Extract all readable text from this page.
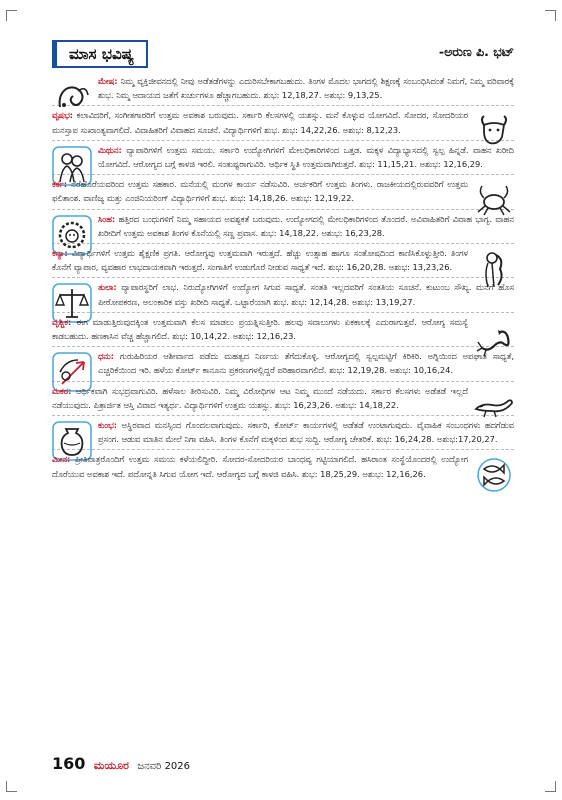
ಮಾಸ ಭವಿಷ್ಯ	-ಅರುಣ ಪಿ. ಭಟ್

ಮೇಷ: ನಿಮ್ಮ ವ್ಯಕ್ತಿಜೀವನದಲ್ಲಿ ನೀವು ಅಡೆತಡೆಗಳನ್ನು ಎದುರಿಸಬೇಕಾಗಬಹುದು. ತಿಂಗಳ ಮೊದಲ ಭಾಗದಲ್ಲಿ ಶಿಕ್ಷಣಕ್ಕೆ ಸಂಬಂಧಿಸಿದಂತೆ ನಿಮಗೆ, ನಿಮ್ಮ ವರಿವಾರಕ್ಕೆ ಶುಭ. ನಿಮ್ಮ ಆದಾಯದ ಜತೆಗೆ ಖರ್ಚುಗಳೂ ಹೆಚ್ಚಾಗಬಹುದು. ಶುಭ: 12,18,27. ಅಶುಭ: 9,13,25.

ವೃಷಭ: ಕಲಾವಿದರಿಗೆ, ಸಂಗೀತಗಾರರಿಗೆ ಉತ್ತಮ ಅವಕಾಶ ಬರುವುದು. ಸರ್ಕಾರಿ ಕೆಲಸಗಳಲ್ಲಿ ಯಶಸ್ಸು. ಮನೆ ಕೊಳ್ಳುವ ಯೋಗವಿದೆ. ಸೋದರ, ಸೋದರಿಯರ ಮನಸ್ತಾಪ ಸುಖಾಂತ್ಯವಾಗಲಿದೆ. ವಿವಾಹಿತರಿಗೆ ವಿವಾಹದ ಸೂಚನೆ. ವಿದ್ಯಾರ್ಥಿಗಳಿಗೆ ಶುಭ. ಶುಭ: 14,22,26. ಅಶುಭ: 8,12,23.

ಮಿಥುನ: ವ್ಯಾಪಾರಿಗಳಿಗೆ ಉತ್ತಮ ಸಮಯ. ಸರ್ಕಾರಿ ಉದ್ಯೋಗಿಗಳಿಗೆ ಮೇಲಧಿಕಾರಿಗಳಿಂದ ಒತ್ತಡ. ಮಕ್ಕಳ ವಿದ್ಯಾಭ್ಯಾಸದಲ್ಲಿ ಸ್ವಲ್ಪ ಹಿನ್ನಡೆ. ವಾಹನ ಖರೀದಿ ಯೋಗವಿದೆ. ಆರೋಗ್ಯದ ಬಗ್ಗೆ ಕಾಳಜಿ ಇರಲಿ. ಸಂತುಷ್ಟರಾಗುವಿರಿ. ಆರ್ಥಿಕ ಸ್ಥಿತಿ ಉತ್ತಮವಾಗಿರುತ್ತದೆ. ಶುಭ: 11,15,21. ಅಶುಭ: 12,16,29.

ಕರ್ಕ: ನೆರೆಹೊರೆಯವರಿಂದ ಉತ್ತಮ ಸಹಕಾರ. ಮನೆಯಲ್ಲಿ ಮಂಗಳ ಕಾರ್ಯ ನಡೆಸುವಿರಿ. ಅರ್ಚಕರಿಗೆ ಉತ್ತಮ ತಿಂಗಳು. ರಾಜಕೀಯದಲ್ಲಿರುವವರಿಗೆ ಉತ್ತಮ ಫಲಿತಾಂಶ. ವಾಣಿಜ್ಯ ಮತ್ತು ಎಂಜಿನಿಯರಿಂಗ್ ವಿದ್ಯಾರ್ಥಿಗಳಿಗೆ ಶುಭ. ಶುಭ: 14,18,26. ಅಶುಭ: 12,19,22.

ಸಿಂಹ: ಹತ್ತಿರದ ಬಂಧುಗಳಿಗೆ ನಿಮ್ಮ ಸಹಾಯದ ಅವಶ್ಯಕತೆ ಬರುವುದು. ಉದ್ಯೋಗದಲ್ಲಿ ಮೇಲಧಿಕಾರಿಗಳಿಂದ ತೊಂದರೆ. ಅವಿವಾಹಿತರಿಗೆ ವಿವಾಹ ಭಾಗ್ಯ. ವಾಹನ ಖರೀದಿಗೆ ಉತ್ತಮ ಅವಕಾಶ ತಿಂಗಳ ಕೊನೆಯಲ್ಲಿ ಸಣ್ಣ ಪ್ರವಾಸ. ಶುಭ: 14,18,22. ಅಶುಭ: 16,23,28.

ಕನ್ಯಾ: ವಿದ್ಯಾರ್ಥಿಗಳಿಗೆ ಉತ್ತಮ ಶೈಕ್ಷಣಿಕ ಪ್ರಗತಿ. ಆರೋಗ್ಯವು ಉತ್ತಮವಾಗಿ ಇರುತ್ತದೆ. ಹೆಚ್ಚು ಉತ್ಸಾಹ ಹಾಗೂ ಸಂತೋಷದಿಂದ ಕಾಣಿಸಿಕೊಳ್ಳುತ್ತೀರಿ. ತಿಂಗಳ ಕೊನೆಗೆ ವ್ಯಾಪಾರ, ವ್ಯವಹಾರ ಲಾಭದಾಯಕವಾಗಿ ಇರುತ್ತದೆ. ಸಂಗಾತಿಗೆ ಉಡುಗೊರೆ ನೀಡುವ ಸಾಧ್ಯತೆ ಇದೆ. ಶುಭ: 16,20,28. ಅಶುಭ: 13,23,26.

ತುಲಾ: ವ್ಯಾಪಾರಸ್ಥರಿಗೆ ಲಾಭ. ನಿರುದ್ಯೋಗಿಗಳಿಗೆ ಉದ್ಯೋಗ ಸಿಗುವ ಸಾಧ್ಯತೆ. ಸಂತತಿ ಇಲ್ಲದವರಿಗೆ ಸಂತತಿಯ ಸೂಚನೆ. ಕುಟುಂಬ ಸೌಖ್ಯ. ಮನೆಗೆ ಹೊಸ ಪೀಠೋಪಕರಣ, ಅಲಂಕಾರಿಕ ವಸ್ತು ಖರೀದಿ ಸಾಧ್ಯತೆ. ಒಟ್ಟಾರೆಯಾಗಿ ಶುಭ. ಶುಭ: 12,14,28. ಅಶುಭ: 13,19,27.

ವೃಶ್ಚಿಕ: ಈಗ ಮಾಡುತ್ತಿರುವುದಕ್ಕಿಂತ ಉತ್ತಮವಾಗಿ ಕೆಲಸ ಮಾಡಲು ಪ್ರಯತ್ನಿಸುತ್ತೀರಿ. ಹಲವು ಸವಾಲುಗಳು ಏಕಕಾಲಕ್ಕೆ ಎದುರಾಗುತ್ತವೆ. ಆರೋಗ್ಯ ಸಮಸ್ಯೆ ಕಾಡಬಹುದು. ಹಣಕಾಸಿನ ವೆಚ್ಚ ಹೆಚ್ಚಾಗಲಿದೆ. ಶುಭ: 10,14,22. ಅಶುಭ: 12,16,23.

ಧನು: ಗುರುಹಿರಿಯರ ಆಶೀರ್ವಾದ ಪಡೆದು ಮಹತ್ವದ ನಿರ್ಣಯ ತೆಗೆದುಕೊಳ್ಳಿ. ಆರೋಗ್ಯದಲ್ಲಿ ಸ್ವಲ್ಪಮಟ್ಟಿಗೆ ಕಿರಿಕಿರಿ. ಅಗ್ನಿಯಿಂದ ಅಪಘಾತ ಸಾಧ್ಯತೆ, ಎಚ್ಚರಿಕೆಯಿಂದ ಇರಿ. ಹಳೆಯ ಕೋರ್ಟ್ ಕಾನೂನು ಪ್ರಕರಣಗಳಲ್ಲಿದ್ದರೆ ಪರಿಹಾರವಾಗಲಿದೆ. ಶುಭ: 12,19,28. ಅಶುಭ: 10,16,24.

ಮಕರ: ಆರ್ಥಿಕವಾಗಿ ಸುಭದ್ರವಾಗುವಿರಿ. ಹಳೆಸಾಲ ತೀರಿಸುವಿರಿ. ನಿಮ್ಮ ವಿರೋಧಿಗಳ ಆಟ ನಿಮ್ಮ ಮುಂದೆ ನಡೆಯದು. ಸರ್ಕಾರ ಕೆಲಸಗಳು ಅಡೆತಡೆ ಇಲ್ಲದೆ ನಡೆಯುವುದು. ಪಿತ್ರಾರ್ಜಿತ ಆಸ್ತಿ ವಿವಾದ ಇತ್ಯರ್ಥ. ವಿದ್ಯಾರ್ಥಿಗಳಿಗೆ ಉತ್ತಮ ಯಶಸ್ಸು. ಶುಭ: 16,23,26. ಅಶುಭ: 14,18,22.

ಕುಂಭ: ಅಸ್ಥಿರವಾದ ಮನಸ್ಸಿಂದ ಗೊಂದಲವಾಗುವುದು. ಸರ್ಕಾರಿ, ಕೋರ್ಟ್ ಕಾರ್ಯಗಳಲ್ಲಿ ಅಡೆತಡೆ ಉಂಟಾಗುವುದು. ವೈವಾಹಿಕ ಸಂಬಂಧಗಳು ಹದಗೆಡುವ ಪ್ರಸಂಗ. ಆಡುವ ಮಾತಿನ ಮೇಲೆ ನಿಗಾ ವಹಿಸಿ. ತಿಂಗಳ ಕೊನೆಗೆ ಮಕ್ಕಳಿಂದ ಶುಭ ಸುದ್ದಿ. ಆರೋಗ್ಯ ಚೇತರಿಕೆ. ಶುಭ: 16,24,28. ಅಶುಭ:17,20,27.

ಮೀನ: ಪ್ರೀತಿಪಾತ್ರರೊಂದಿಗೆ ಉತ್ತಮ ಸಮಯ ಕಳೆಯಲಿದ್ದೀರಿ. ಸೋದರ-ಸೋದರಿಯರ ಬಾಂಧವ್ಯ ಗಟ್ಟಿಯಾಗಲಿದೆ. ಹಸಿರಾಂತ ಸಂಸ್ಥೆಯೊಂದರಲ್ಲಿ ಉದ್ಯೋಗ ದೊರೆಯುವ ಅವಕಾಶ ಇದೆ. ಪದೋನ್ನತಿ ಸಿಗುವ ಯೋಗ ಇದೆ. ಆರೋಗ್ಯದ ಬಗ್ಗೆ ಕಾಳಜಿ ವಹಿಸಿ. ಶುಭ: 18,25,29. ಅಶುಭ: 12,16,26.

160 ಮಯೂರ ಜನವರಿ 2026
